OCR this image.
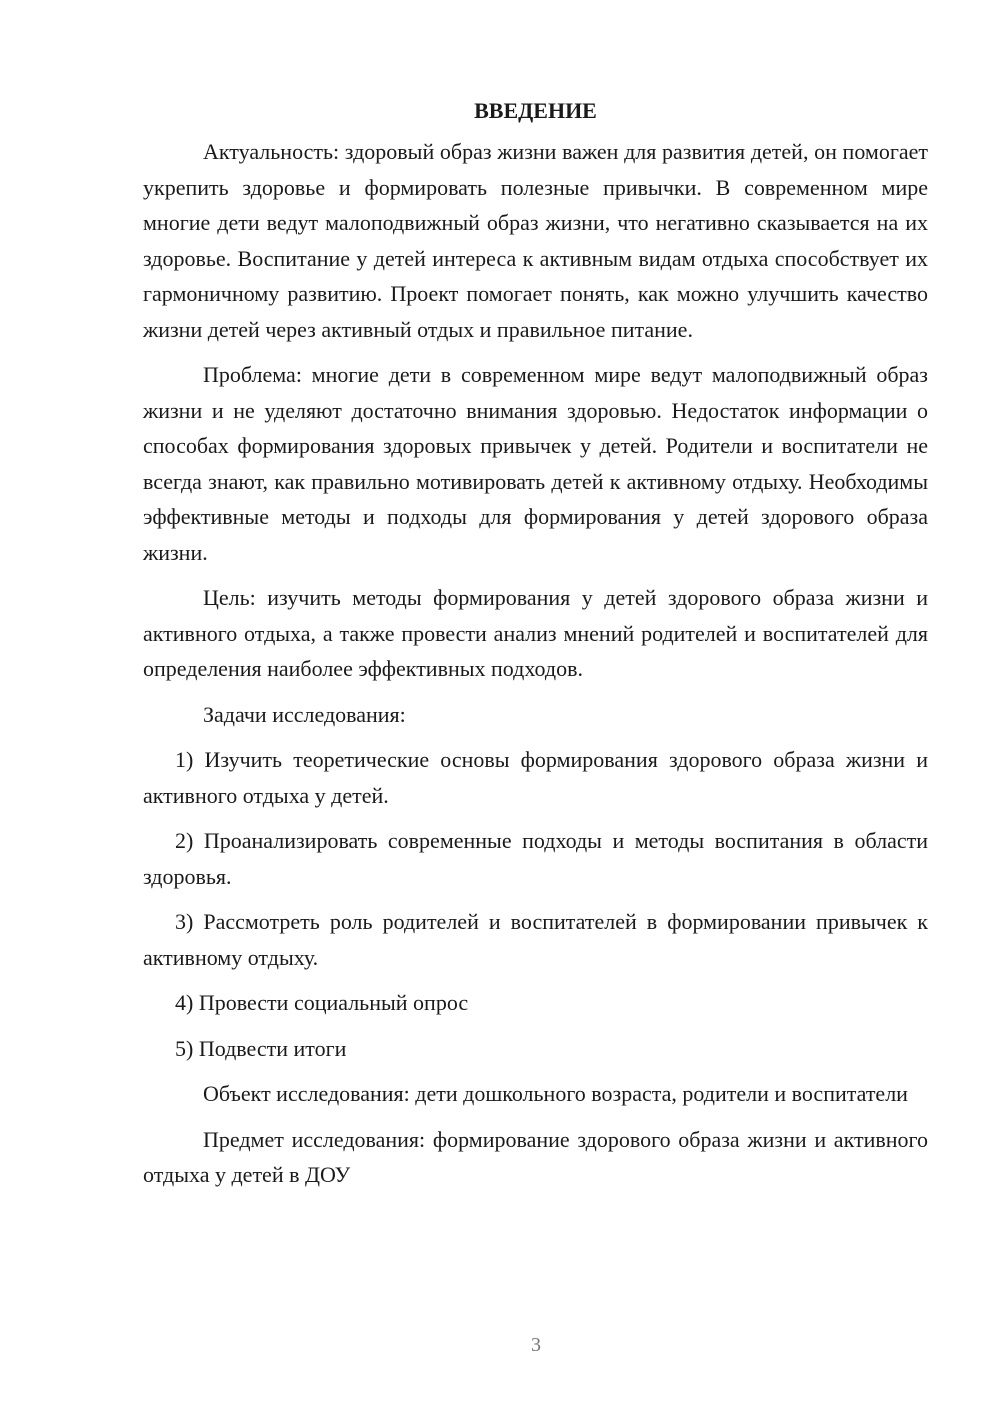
ВВЕДЕНИЕ

Актуальность: здоровый образ жизни важен для развития детей, он помогает укрепить здоровье и формировать полезные привычки. В современном мире многие дети ведут малоподвижный образ жизни, что негативно сказывается на их здоровье. Воспитание у детей интереса к активным видам отдыха способствует их гармоничному развитию. Проект помогает понять, как можно улучшить качество жизни детей через активный отдых и правильное питание.

Проблема: многие дети в современном мире ведут малоподвижный образ жизни и не уделяют достаточно внимания здоровью. Недостаток информации о способах формирования здоровых привычек у детей. Родители и воспитатели не всегда знают, как правильно мотивировать детей к активному отдыху. Необходимы эффективные методы и подходы для формирования у детей здорового образа жизни.

Цель: изучить методы формирования у детей здорового образа жизни и активного отдыха, а также провести анализ мнений родителей и воспитателей для определения наиболее эффективных подходов.

Задачи исследования:

1) Изучить теоретические основы формирования здорового образа жизни и активного отдыха у детей.

2) Проанализировать современные подходы и методы воспитания в области здоровья.

3) Рассмотреть роль родителей и воспитателей в формировании привычек к активному отдыху.

4) Провести социальный опрос

5) Подвести итоги

Объект исследования: дети дошкольного возраста, родители и воспитатели

Предмет исследования: формирование здорового образа жизни и активного отдыха у детей в ДОУ

3
